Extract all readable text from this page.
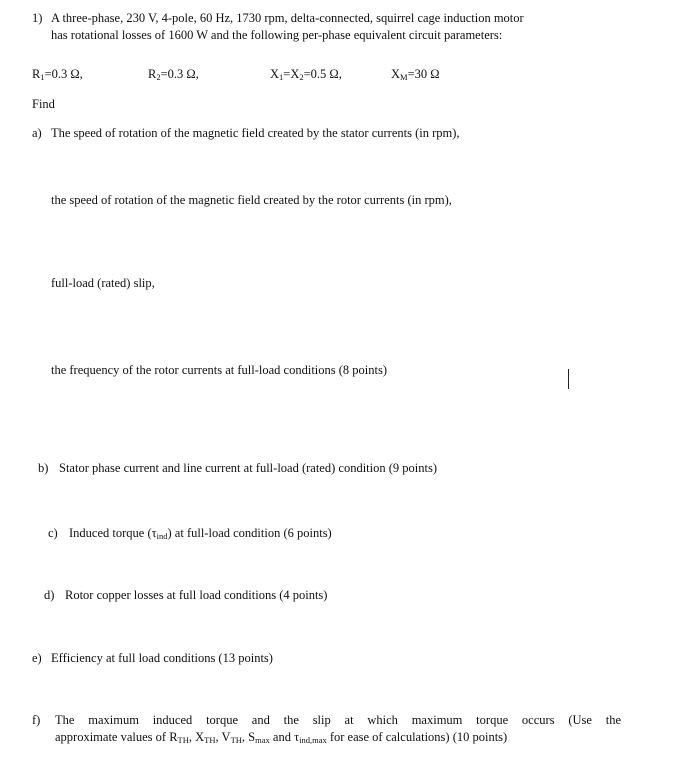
1) A three-phase, 230 V, 4-pole, 60 Hz, 1730 rpm, delta-connected, squirrel cage induction motor
has rotational losses of 1600 W and the following per-phase equivalent circuit parameters:
$R_1=0.3$ Ω,	$R_2=0.3$ Ω,	$X_1=X_2=0.5$ Ω,	$X_M=30$ Ω
Find
a) The speed of rotation of the magnetic field created by the stator currents (in rpm),
the speed of rotation of the magnetic field created by the rotor currents (in rpm),
full-load (rated) slip,
the frequency of the rotor currents at full-load conditions (8 points)
b) Stator phase current and line current at full-load (rated) condition (9 points)
c) Induced torque $(\tau_{ind})$ at full-load condition (6 points)
d) Rotor copper losses at full load conditions (4 points)
e) Efficiency at full load conditions (13 points)
f) The maximum induced torque and the slip at which maximum torque occurs (Use the
approximate values of $R_{TH}$, $X_{TH}$, $V_{TH}$, $S_{max}$ and $\tau_{ind,max}$ for ease of calculations) (10 points)
